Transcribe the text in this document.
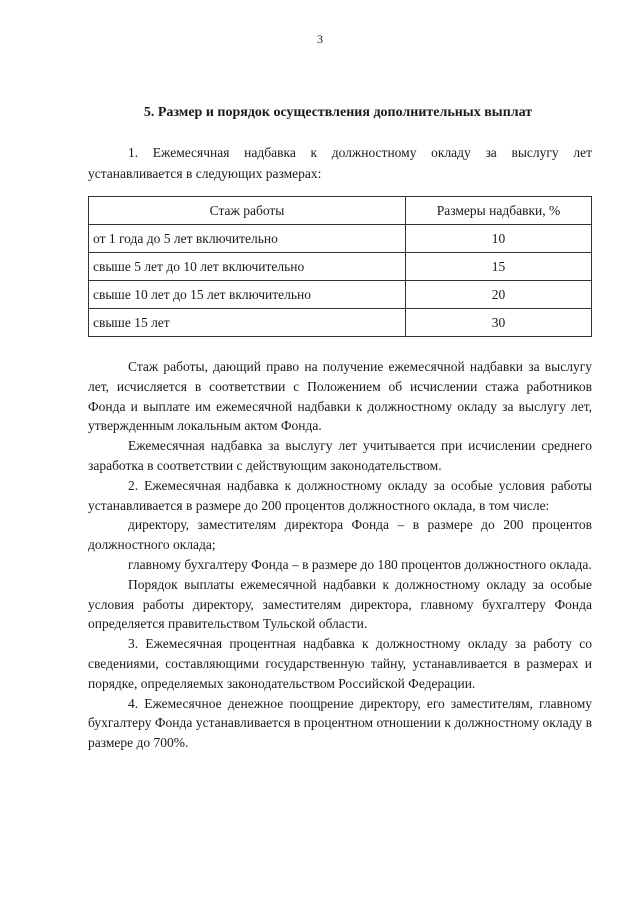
3
5. Размер и порядок осуществления дополнительных выплат
1. Ежемесячная надбавка к должностному окладу за выслугу лет устанавливается в следующих размерах:
Стаж работы	Размеры надбавки, %
от 1 года до 5 лет включительно	10
свыше 5 лет до 10 лет включительно	15
свыше 10 лет до 15 лет включительно	20
свыше 15 лет	30

Стаж работы, дающий право на получение ежемесячной надбавки за выслугу лет, исчисляется в соответствии с Положением об исчислении стажа работников Фонда и выплате им ежемесячной надбавки к должностному окладу за выслугу лет, утвержденным локальным актом Фонда.

Ежемесячная надбавка за выслугу лет учитывается при исчислении среднего заработка в соответствии с действующим законодательством.

2. Ежемесячная надбавка к должностному окладу за особые условия работы устанавливается в размере до 200 процентов должностного оклада, в том числе:

директору, заместителям директора Фонда – в размере до 200 процентов должностного оклада;

главному бухгалтеру Фонда – в размере до 180 процентов должностного оклада.

Порядок выплаты ежемесячной надбавки к должностному окладу за особые условия работы директору, заместителям директора, главному бухгалтеру Фонда определяется правительством Тульской области.

3. Ежемесячная процентная надбавка к должностному окладу за работу со сведениями, составляющими государственную тайну, устанавливается в размерах и порядке, определяемых законодательством Российской Федерации.

4. Ежемесячное денежное поощрение директору, его заместителям, главному бухгалтеру Фонда устанавливается в процентном отношении к должностному окладу в размере до 700%.
